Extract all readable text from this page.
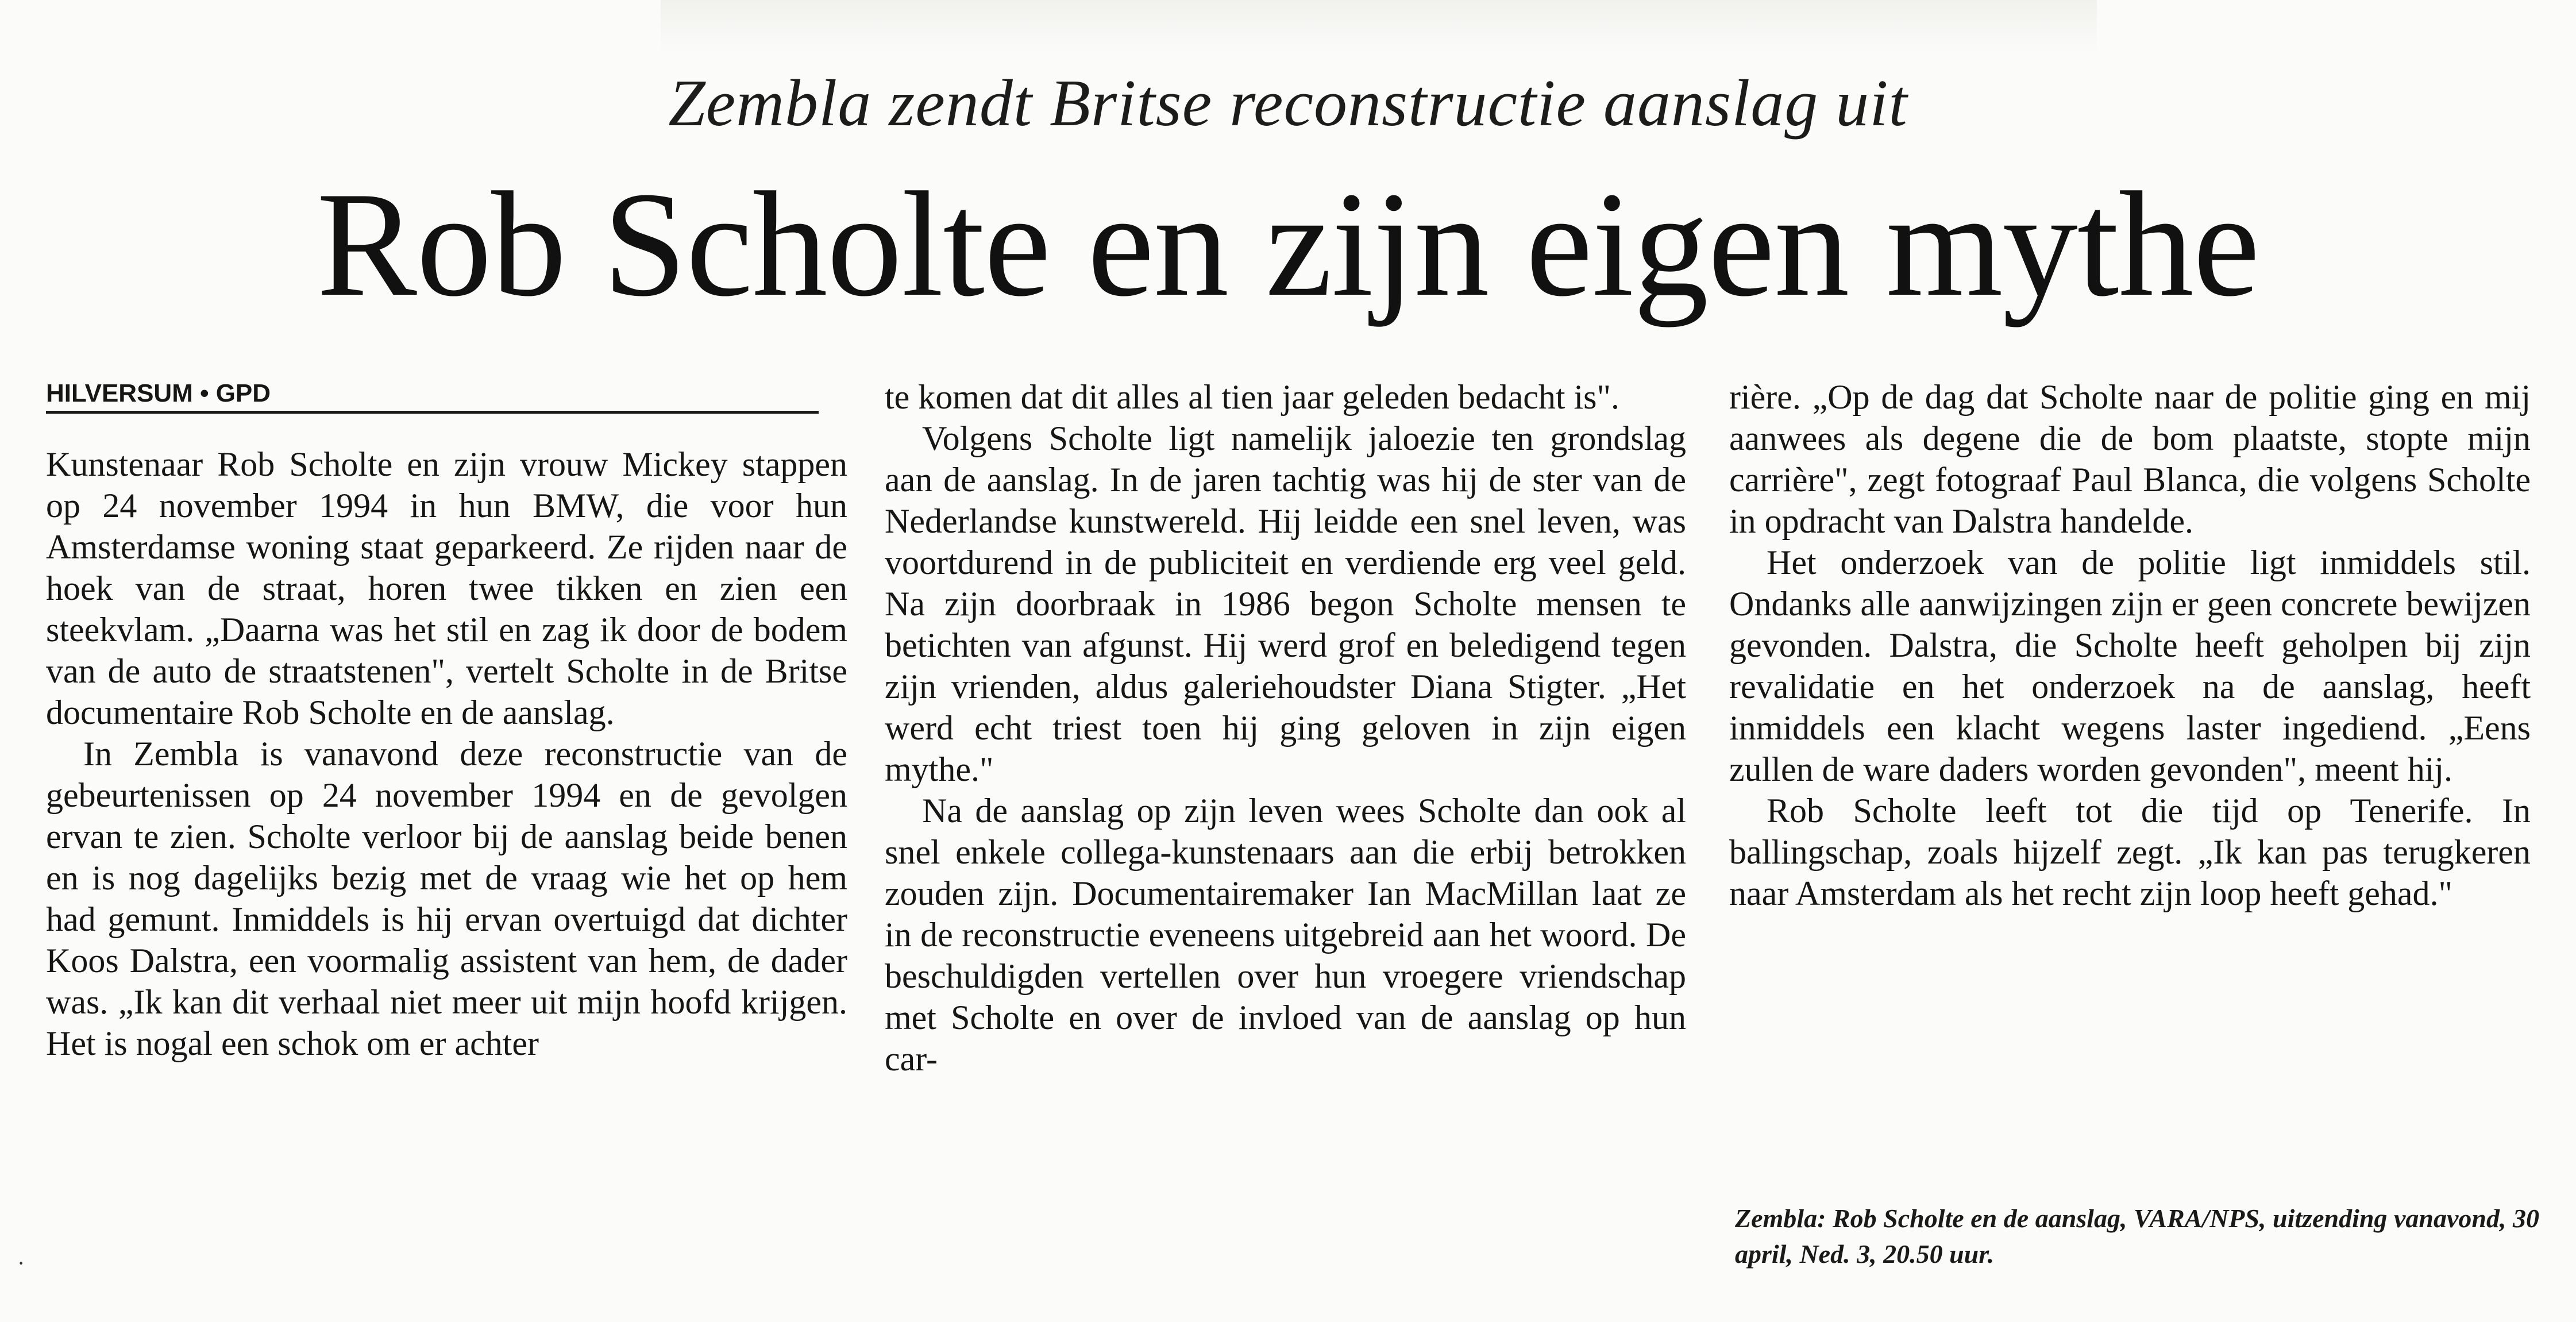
Zembla zendt Britse reconstructie aanslag uit
Rob Scholte en zijn eigen mythe
HILVERSUM • GPD

Kunstenaar Rob Scholte en zijn vrouw Mickey stappen op 24 november 1994 in hun BMW, die voor hun Amsterdamse woning staat geparkeerd. Ze rijden naar de hoek van de straat, horen twee tikken en zien een steekvlam. „Daarna was het stil en zag ik door de bodem van de auto de straatstenen", vertelt Scholte in de Britse documentaire Rob Scholte en de aanslag.

In Zembla is vanavond deze reconstructie van de gebeurtenissen op 24 november 1994 en de gevolgen ervan te zien. Scholte verloor bij de aanslag beide benen en is nog dagelijks bezig met de vraag wie het op hem had gemunt. Inmiddels is hij ervan overtuigd dat dichter Koos Dalstra, een voormalig assistent van hem, de dader was. „Ik kan dit verhaal niet meer uit mijn hoofd krijgen. Het is nogal een schok om er achter

te komen dat dit alles al tien jaar geleden bedacht is".

Volgens Scholte ligt namelijk jaloezie ten grondslag aan de aanslag. In de jaren tachtig was hij de ster van de Nederlandse kunstwereld. Hij leidde een snel leven, was voortdurend in de publiciteit en verdiende erg veel geld. Na zijn doorbraak in 1986 begon Scholte mensen te betichten van afgunst. Hij werd grof en beledigend tegen zijn vrienden, aldus galeriehoudster Diana Stigter. „Het werd echt triest toen hij ging geloven in zijn eigen mythe."

Na de aanslag op zijn leven wees Scholte dan ook al snel enkele collega-kunstenaars aan die erbij betrokken zouden zijn. Documentairemaker Ian MacMillan laat ze in de reconstructie eveneens uitgebreid aan het woord. De beschuldigden vertellen over hun vroegere vriendschap met Scholte en over de invloed van de aanslag op hun car-

rière. „Op de dag dat Scholte naar de politie ging en mij aanwees als degene die de bom plaatste, stopte mijn carrière", zegt fotograaf Paul Blanca, die volgens Scholte in opdracht van Dalstra handelde.

Het onderzoek van de politie ligt inmiddels stil. Ondanks alle aanwijzingen zijn er geen concrete bewijzen gevonden. Dalstra, die Scholte heeft geholpen bij zijn revalidatie en het onderzoek na de aanslag, heeft inmiddels een klacht wegens laster ingediend. „Eens zullen de ware daders worden gevonden", meent hij.

Rob Scholte leeft tot die tijd op Tenerife. In ballingschap, zoals hijzelf zegt. „Ik kan pas terugkeren naar Amsterdam als het recht zijn loop heeft gehad."

Zembla: Rob Scholte en de aanslag, VARA/NPS, uitzending vanavond, 30 april, Ned. 3, 20.50 uur.
·
